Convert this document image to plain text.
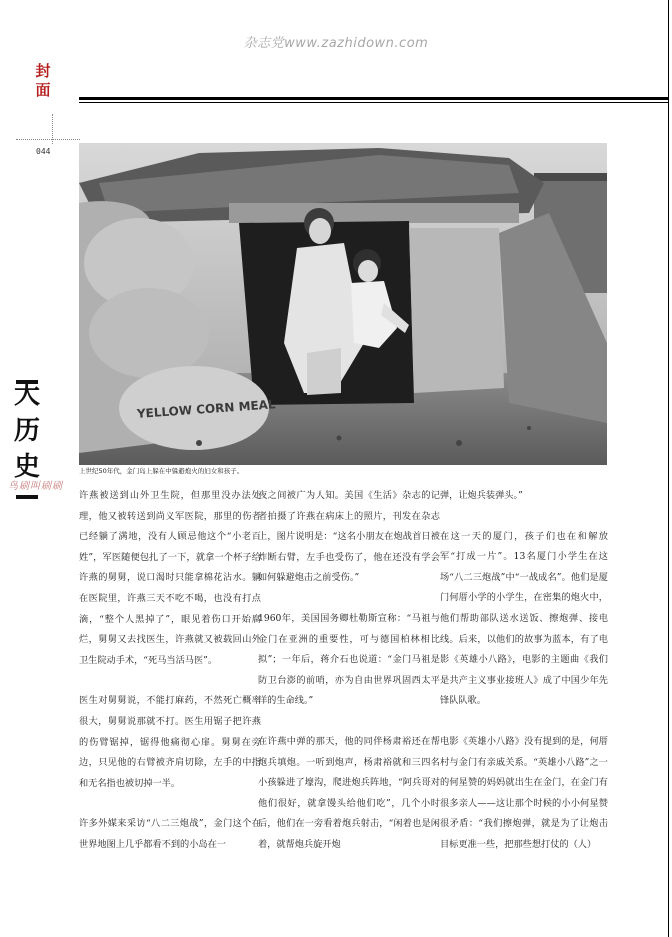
杂志党www.zazhidown.com
封
面
044
YELLOW CORN MEAL
上世纪50年代，金门岛上躲在中躲避炮火的妇女和孩子。
大
历
史
鸟刷叫刷刷

许燕被送到山外卫生院，但那里没办法处理，他又被转送到尚义军医院，那里的伤者已经躺了满地，没有人顾忌他这个“小老百姓”，军医随便包扎了一下，就拿一个杯子给许燕的舅舅，说口渴时只能拿棉花沾水。躺在医院里，许燕三天不吃不喝，也没有打点滴，“整个人黑掉了”，眼见着伤口开始腐烂，舅舅又去找医生，许燕就又被载回山外卫生院动手术，“死马当活马医”。

医生对舅舅说，不能打麻药，不然死亡概率很大，舅舅说那就不打。医生用锯子把许燕的伤臂锯掉，锯得他痛彻心扉。舅舅在旁边，只见他的右臂被齐肩切除，左手的中指和无名指也被切掉一半。

许多外媒来采访“八二三炮战”，金门这个在世界地图上几乎都看不到的小岛在一

夜之间被广为人知。美国《生活》杂志的记者拍摄了许燕在病床上的照片，刊发在杂志上，图片说明是：“这名小朋友在炮战首日被炸断右臂，左手也受伤了，他在还没有学会如何躲避炮击之前受伤。”

1960年，美国国务卿杜勒斯宣称：“马祖与金门在亚洲的重要性，可与德国柏林相比拟”；一年后，蒋介石也说道：“金门马祖是防卫台澎的前哨，亦为自由世界巩固西太平洋的生命线。”

在许燕中弹的那天，他的同伴杨肃裕还在帮炮兵填炮。一听到炮声，杨肃裕就和三四名小孩躲进了壕沟，爬进炮兵阵地，“阿兵哥对他们很好，就拿馒头给他们吃”，几个小时后，他们在一旁看着炮兵射击，“闲着也是闲着，就帮炮兵旋开炮

弹，让炮兵装弹头。”

在这一天的厦门，孩子们也在和解放军“打成一片”。13名厦门小学生在这场“八二三炮战”中“一战成名”。他们是厦门何厝小学的小学生，在密集的炮火中，他们帮助部队送水送饭、擦炮弹、接电线。后来，以他们的故事为蓝本，有了电影《英雄小八路》，电影的主题曲《我们是共产主义事业接班人》成了中国少年先锋队队歌。

电影《英雄小八路》没有提到的是，何厝村与金门有亲戚关系。“英雄小八路”之一的何星赞的妈妈就出生在金门，在金门有很多亲人——这让那个时候的小小何星赞很矛盾：“我们擦炮弹，就是为了让炮击目标更准一些，把那些想打仗的（人）
